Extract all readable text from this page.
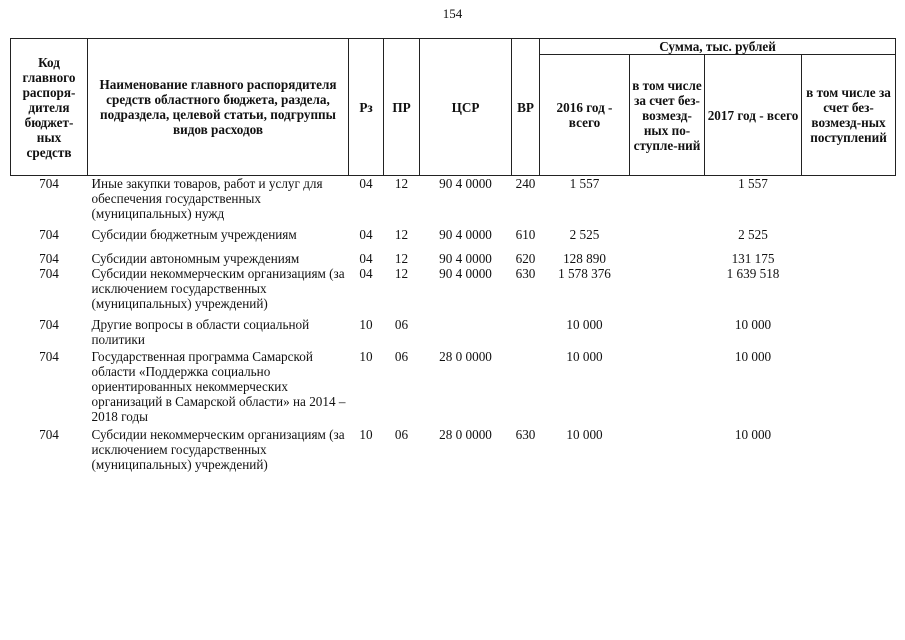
154
Код главного распоря-дителя бюджет-ных средств	Наименование главного распорядителя средств областного бюджета, раздела, подраздела, целевой статьи, подгруппы видов расходов	Рз	ПР	ЦСР	ВР	Сумма, тыс. рублей			
						2016 год - всего	в том числе за счет без-возмезд-ных по-ступле-ний	2017 год - всего	в том числе за счет без-возмезд-ных поступлений
704	Иные закупки товаров, работ и услуг для обеспечения государственных (муниципальных) нужд	04	12	90 4 0000	240	1 557		1 557	
704	Субсидии бюджетным учреждениям	04	12	90 4 0000	610	2 525		2 525	
704	Субсидии автономным учреждениям	04	12	90 4 0000	620	128 890		131 175	
704	Субсидии некоммерческим организациям (за исключением государственных (муниципальных) учреждений)	04	12	90 4 0000	630	1 578 376		1 639 518	
704	Другие вопросы в области социальной политики	10	06			10 000		10 000	
704	Государственная программа Самарской области «Поддержка социально ориентированных некоммерческих организаций в Самарской области» на 2014 – 2018 годы	10	06	28 0 0000		10 000		10 000	
704	Субсидии некоммерческим организациям (за исключением государственных (муниципальных) учреждений)	10	06	28 0 0000	630	10 000		10 000	
